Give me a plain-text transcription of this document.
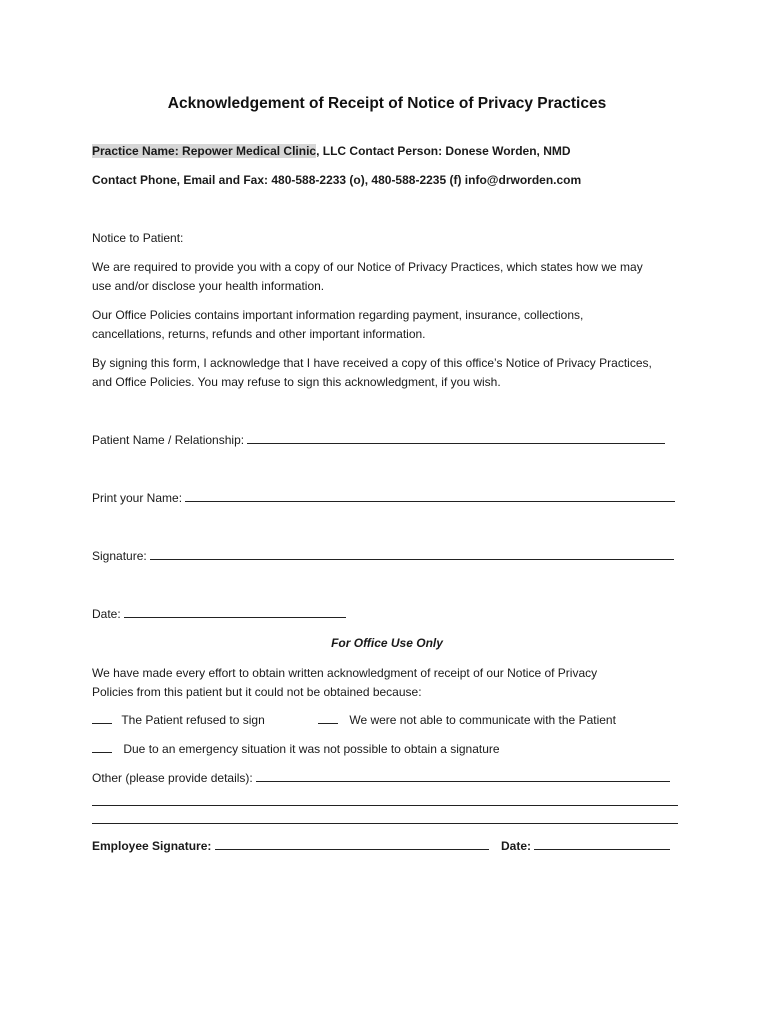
Acknowledgement of Receipt of Notice of Privacy Practices
Practice Name: Repower Medical Clinic, LLC Contact Person: Donese Worden, NMD
Contact Phone, Email and Fax: 480-588-2233 (o), 480-588-2235 (f) info@drworden.com
Notice to Patient:
We are required to provide you with a copy of our Notice of Privacy Practices, which states how we may
use and/or disclose your health information.
Our Office Policies contains important information regarding payment, insurance, collections,
cancellations, returns, refunds and other important information.
By signing this form, I acknowledge that I have received a copy of this office’s Notice of Privacy Practices,
and Office Policies. You may refuse to sign this acknowledgment, if you wish.
Patient Name / Relationship:
Print your Name:
Signature:
Date:
For Office Use Only
We have made every effort to obtain written acknowledgment of receipt of our Notice of Privacy
Policies from this patient but it could not be obtained because:
The Patient refused to sign	We were not able to communicate with the Patient
Due to an emergency situation it was not possible to obtain a signature
Other (please provide details):
Employee Signature:	Date:
